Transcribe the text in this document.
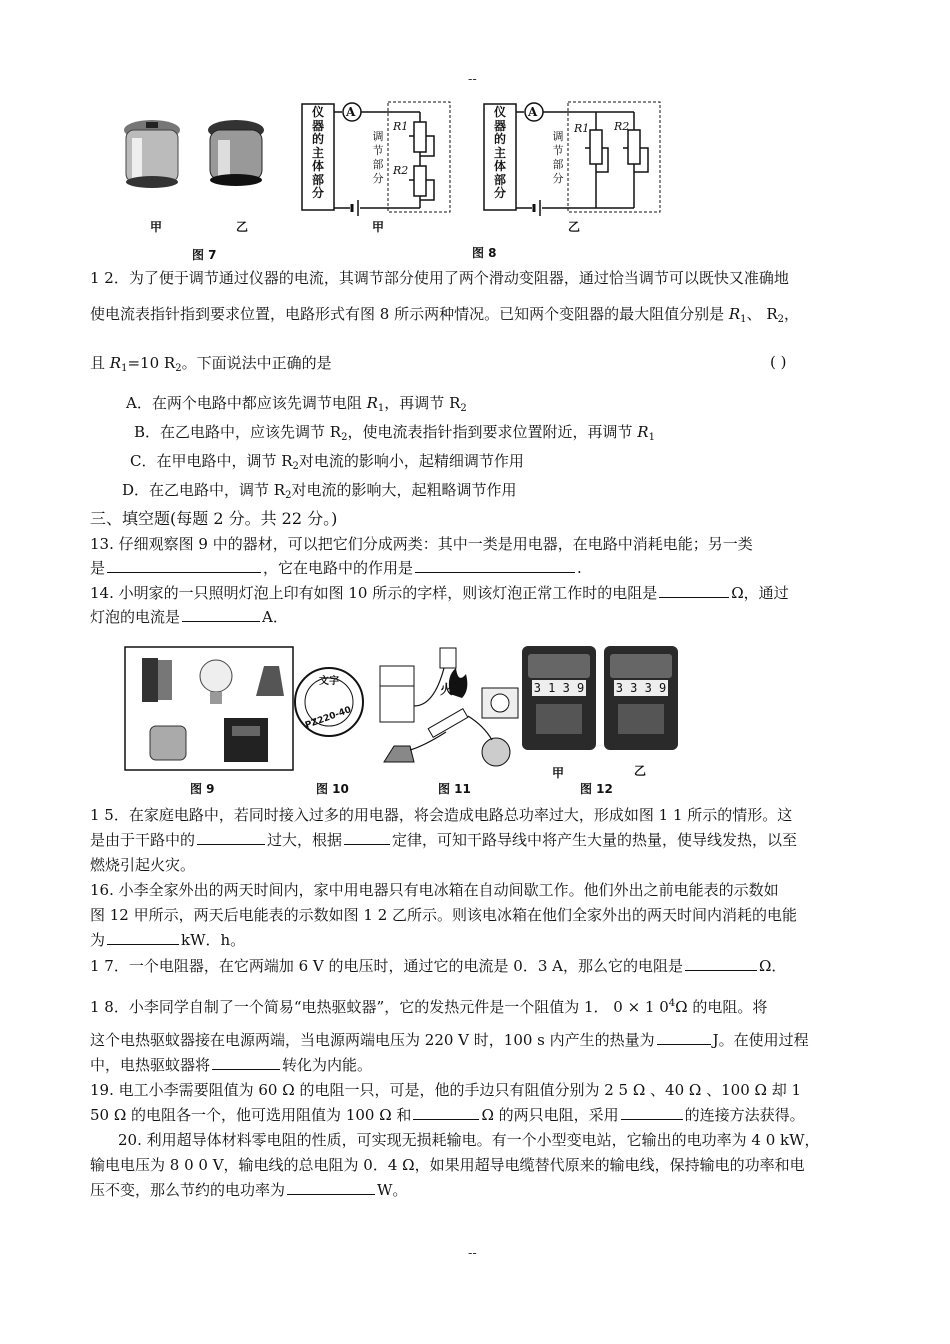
--
--
甲	乙
图 7
仪
器
的
主
体
部
分
A
调
节
部
分
R1
R2
甲
仪
器
的
主
体
部
分
A
调
节
部
分
R1 R2
乙
图 8
1 2．为了便于调节通过仪器的电流，其调节部分使用了两个滑动变阻器，通过恰当调节可以既快又准确地
使电流表指针指到要求位置，电路形式有图 8 所示两种情况。已知两个变阻器的最大阻值分别是 $R_1$、 $R_2$，
且 $R_1=10$ $R_2$。下面说法中正确的是	( )
A．在两个电路中都应该先调节电阻 $R_1$，再调节 $R_2$
B．在乙电路中，应该先调节 $R_2$，使电流表指针指到要求位置附近，再调节 $R_1$
C．在甲电路中，调节 $R_2$对电流的影响小，起精细调节作用
D．在乙电路中，调节 $R_2$对电流的影响大，起粗略调节作用
三、填空题(每题 2 分。共 22 分。)
13. 仔细观察图 9 中的器材，可以把它们分成两类：其中一类是用电器，在电路中消耗电能；另一类
是	，它在电路中的作用是	.
14. 小明家的一只照明灯泡上印有如图 10 所示的字样，则该灯泡正常工作时的电阻是	Ω，通过
灯泡的电流是	A．
文字
PZ220-40
火	3 1 3 9	3 3 3 9
图 9	图 10	图 11
甲	乙
图 12
1 5．在家庭电路中，若同时接入过多的用电器，将会造成电路总功率过大，形成如图 1 1 所示的情形。这
是由于干路中的	过大，根据	定律，可知干路导线中将产生大量的热量，使导线发热，以至
燃烧引起火灾。
16. 小李全家外出的两天时间内，家中用电器只有电冰箱在自动间歇工作。他们外出之前电能表的示数如
图 12 甲所示，两天后电能表的示数如图 1 2 乙所示。则该电冰箱在他们全家外出的两天时间内消耗的电能
为	kW．h。
1 7．一个电阻器，在它两端加 6 V 的电压时，通过它的电流是 0．3 A，那么它的电阻是	Ω．
1 8．小李同学自制了一个简易“电热驱蚊器”，它的发热元件是一个阻值为 1． 0 × 1 $0^4\Omega$ 的电阻。将
这个电热驱蚊器接在电源两端，当电源两端电压为 220 V 时，100 s 内产生的热量为	J。在使用过程
中，电热驱蚊器将	转化为内能。
19. 电工小李需要阻值为 60 Ω 的电阻一只，可是，他的手边只有阻值分别为 2 5 Ω 、40 Ω 、100 Ω 却 1
50 Ω 的电阻各一个，他可选用阻值为 100 Ω 和	Ω 的两只电阻，采用	的连接方法获得。
20. 利用超导体材料零电阻的性质，可实现无损耗输电。有一个小型变电站，它输出的电功率为 4 0 kW，
输电电压为 8 0 0 V，输电线的总电阻为 0．4 Ω，如果用超导电缆替代原来的输电线，保持输电的功率和电
压不变，那么节约的电功率为	W。
